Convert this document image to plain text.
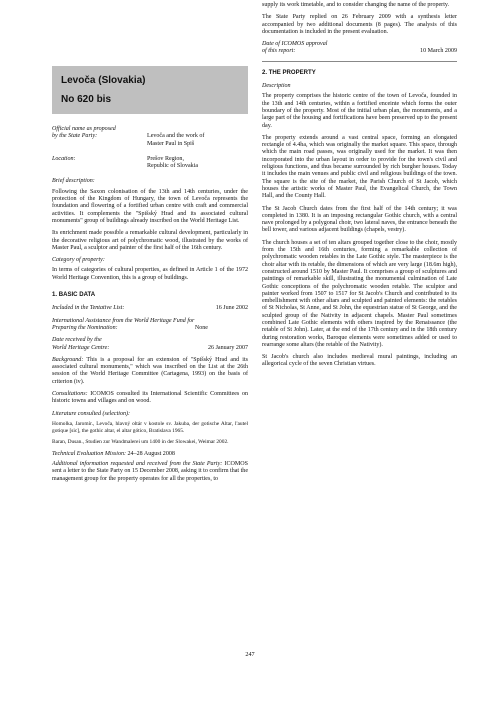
Levoča (Slovakia)
No 620 bis
Official name as proposed
by the State Party:
	Levoča and the work of
Master Paul in Spiš
Location:	Prešov Region,
Republic of Slovakia

Brief description:

Following the Saxon colonisation of the 13th and 14th centuries, under the protection of the Kingdom of Hungary, the town of Levoča represents the foundation and flowering of a fortified urban centre with craft and commercial activities. It complements the "Spišský Hrad and its associated cultural monuments" group of buildings already inscribed on the World Heritage List.

Its enrichment made possible a remarkable cultural development, particularly in the decorative religious art of polychromatic wood, illustrated by the works of Master Paul, a sculptor and painter of the first half of the 16th century.

Category of property:

In terms of categories of cultural properties, as defined in Article 1 of the 1972 World Heritage Convention, this is a group of buildings.

1. BASIC DATA
Included in the Tentative List:	16 June 2002
International Assistance from the World Heritage Fund for
Preparing the Nomination:	None
Date received by the
World Heritage Centre:	26 January 2007

Background: This is a proposal for an extension of "Spišský Hrad and its associated cultural monuments," which was inscribed on the List at the 26th session of the World Heritage Committee (Cartagena, 1993) on the basis of criterion (iv).

Consultations: ICOMOS consulted its International Scientific Committees on historic towns and villages and on wood.

Literature consulted (selection):

Homolka, Jaromír., Levoča, hlavný oltár v kostole sv. Jakuba, der gotische Altar, l'autel gotique [sic], the gothic altar, el altar gótico, Bratislava 1965.

Baran, Dusan., Studien zur Wandmalerei um 1400 in der Slowakei, Weimar 2002.

Technical Evaluation Mission: 24–28 August 2008

Additional information requested and received from the State Party: ICOMOS sent a letter to the State Party on 15 December 2008, asking it to confirm that the management group for the property operates for all the properties, to

supply its work timetable, and to consider changing the name of the property.

The State Party replied on 26 February 2009 with a synthesis letter accompanied by two additional documents (8 pages). The analysis of this documentation is included in the present evaluation.

Date of ICOMOS approval
of this report:	10 March 2009
2. THE PROPERTY

Description

The property comprises the historic centre of the town of Levoča, founded in the 13th and 14th centuries, within a fortified enceinte which forms the outer boundary of the property. Most of the initial urban plan, the monuments, and a large part of the housing and fortifications have been preserved up to the present day.

The property extends around a vast central space, forming an elongated rectangle of 4.4ha, which was originally the market square. This space, through which the main road passes, was originally used for the market. It was then incorporated into the urban layout in order to provide for the town's civil and religious functions, and thus became surrounded by rich burgher houses. Today it includes the main venues and public civil and religious buildings of the town. The square is the site of the market, the Parish Church of St Jacob, which houses the artistic works of Master Paul, the Evangelical Church, the Town Hall, and the County Hall.

The St Jacob Church dates from the first half of the 14th century; it was completed in 1380. It is an imposing rectangular Gothic church, with a central nave prolonged by a polygonal choir, two lateral naves, the entrance beneath the bell tower, and various adjacent buildings (chapels, vestry).

The church houses a set of ten altars grouped together close to the choir, mostly from the 15th and 16th centuries, forming a remarkable collection of polychromatic wooden retables in the Late Gothic style. The masterpiece is the choir altar with its retable, the dimensions of which are very large (18.6m high), constructed around 1510 by Master Paul. It comprises a group of sculptures and paintings of remarkable skill, illustrating the monumental culmination of Late Gothic conceptions of the polychromatic wooden retable. The sculptor and painter worked from 1507 to 1517 for St Jacob's Church and contributed to its embellishment with other altars and sculpted and painted elements: the retables of St Nicholas, St Anne, and St John, the equestrian statue of St George, and the sculpted group of the Nativity in adjacent chapels. Master Paul sometimes combined Late Gothic elements with others inspired by the Renaissance (the retable of St John). Later, at the end of the 17th century and in the 18th century during restoration works, Baroque elements were sometimes added or used to rearrange some altars (the retable of the Nativity).

St Jacob's church also includes medieval mural paintings, including an allegorical cycle of the seven Christian virtues.

247
